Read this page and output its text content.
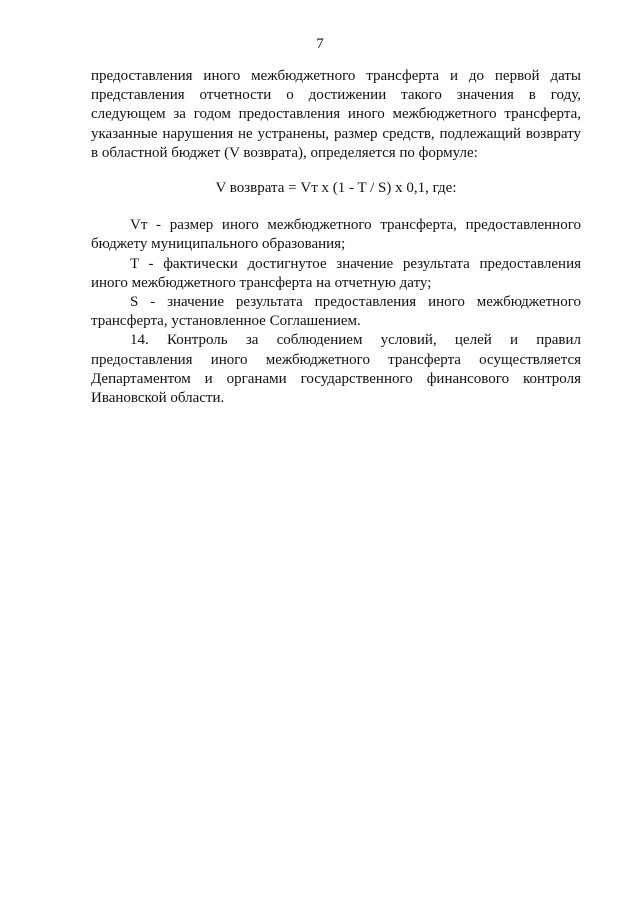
7

предоставления иного межбюджетного трансферта и до первой даты представления отчетности о достижении такого значения в году, следующем за годом предоставления иного межбюджетного трансферта, указанные нарушения не устранены, размер средств, подлежащий возврату в областной бюджет (V возврата), определяется по формуле:

V возврата = Vт x (1 - T / S) x 0,1, где:

Vт - размер иного межбюджетного трансферта, предоставленного бюджету муниципального образования;

T - фактически достигнутое значение результата предоставления иного межбюджетного трансферта на отчетную дату;

S - значение результата предоставления иного межбюджетного трансферта, установленное Соглашением.

14. Контроль за соблюдением условий, целей и правил предоставления иного межбюджетного трансферта осуществляется Департаментом и органами государственного финансового контроля Ивановской области.
